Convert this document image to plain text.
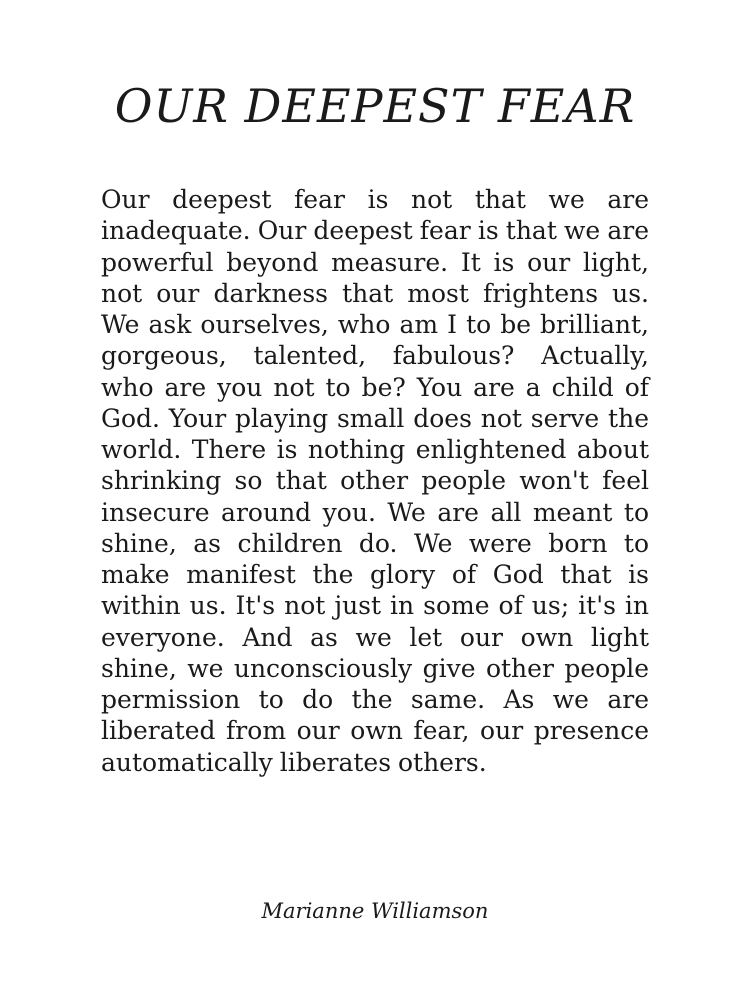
OUR DEEPEST FEAR

Our deepest fear is not that we are inadequate. Our deepest fear is that we are powerful beyond measure. It is our light, not our darkness that most frightens us. We ask ourselves, who am I to be brilliant, gorgeous, talented, fabulous? Actually, who are you not to be? You are a child of God. Your playing small does not serve the world. There is nothing enlightened about shrinking so that other people won't feel insecure around you. We are all meant to shine, as children do. We were born to make manifest the glory of God that is within us. It's not just in some of us; it's in everyone. And as we let our own light shine, we unconsciously give other people permission to do the same. As we are liberated from our own fear, our presence automatically liberates others.

Marianne Williamson
